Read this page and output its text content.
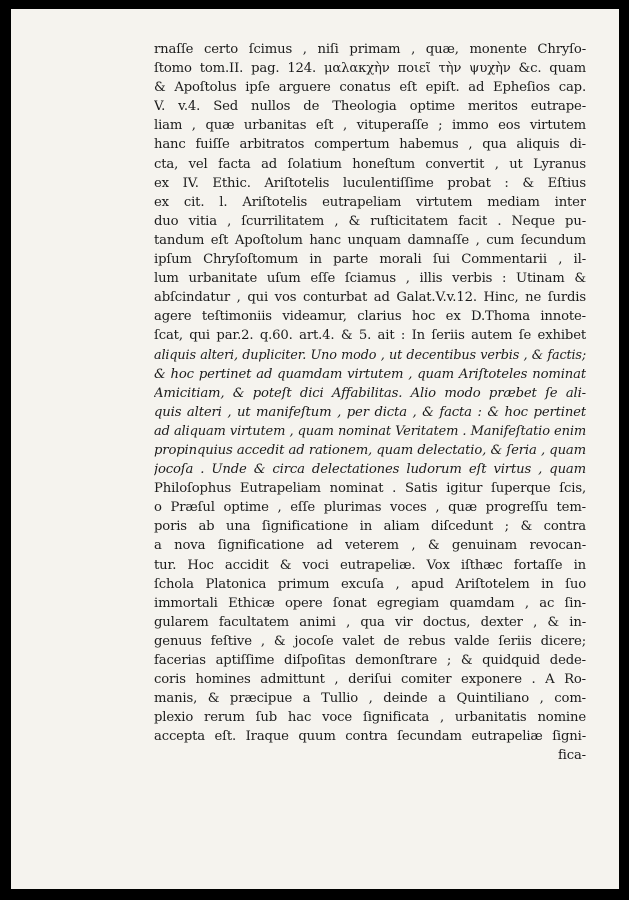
rnaſſe certo ſcimus , niſi primam , quæ, monente Chryſo-
ſtomo tom.II. pag. 124. μαλακχὴν ποιεῖ τὴν ψυχὴν &c. quam
& Apoſtolus ipſe arguere conatus eſt epiſt. ad Epheſios cap.
V. v.4. Sed nullos de Theologia optime meritos eutrape-
liam , quæ urbanitas eſt , vituperaſſe ; immo eos virtutem
hanc fuiſſe arbitratos compertum habemus , qua aliquis di-
cta, vel facta ad ſolatium honeſtum convertit , ut Lyranus
ex IV. Ethic. Ariſtotelis luculentiſſime probat : & Eſtius
ex cit. l. Ariſtotelis eutrapeliam virtutem mediam inter
duo vitia , ſcurrilitatem , & ruſticitatem facit . Neque pu-
tandum eſt Apoſtolum hanc unquam damnaſſe , cum ſecundum
ipſum Chryſoſtomum in parte morali ſui Commentarii , il-
lum urbanitate uſum eſſe ſciamus , illis verbis : Utinam &
abſcindatur , qui vos conturbat ad Galat.V.v.12. Hinc, ne ſurdis
agere teſtimoniis videamur, clarius hoc ex D.Thoma innote-
ſcat, qui par.2. q.60. art.4. & 5. ait : In ſeriis autem ſe exhibet
aliquis alteri, dupliciter. Uno modo , ut decentibus verbis , & factis;
& hoc pertinet ad quamdam virtutem , quam Ariſtoteles nominat
Amicitiam, & poteſt dici Affabilitas. Alio modo præbet ſe ali-
quis alteri , ut manifeſtum , per dicta , & facta : & hoc pertinet
ad aliquam virtutem , quam nominat Veritatem . Manifeſtatio enim
propinquius accedit ad rationem, quam delectatio, & ſeria , quam
jocoſa . Unde & circa delectationes ludorum eſt virtus , quam
Philoſophus Eutrapeliam nominat . Satis igitur ſuperque ſcis,
o Præſul optime , eſſe plurimas voces , quæ progreſſu tem-
poris ab una ſignificatione in aliam diſcedunt ; & contra
a nova ſignificatione ad veterem , & genuinam revocan-
tur. Hoc accidit & voci eutrapeliæ. Vox iſthæc fortaſſe in
ſchola Platonica primum excuſa , apud Ariſtotelem in ſuo
immortali Ethicæ opere ſonat egregiam quamdam , ac ſin-
gularem facultatem animi , qua vir doctus, dexter , & in-
genuus feſtive , & jocoſe valet de rebus valde ſeriis dicere;
facerias aptiſſime diſpoſitas demonſtrare ; & quidquid dede-
coris homines admittunt , deriſui comiter exponere . A Ro-
manis, & præcipue a Tullio , deinde a Quintiliano , com-
plexio rerum ſub hac voce ſignificata , urbanitatis nomine
accepta eſt. Iraque quum contra ſecundam eutrapeliæ ſigni-
fica-
